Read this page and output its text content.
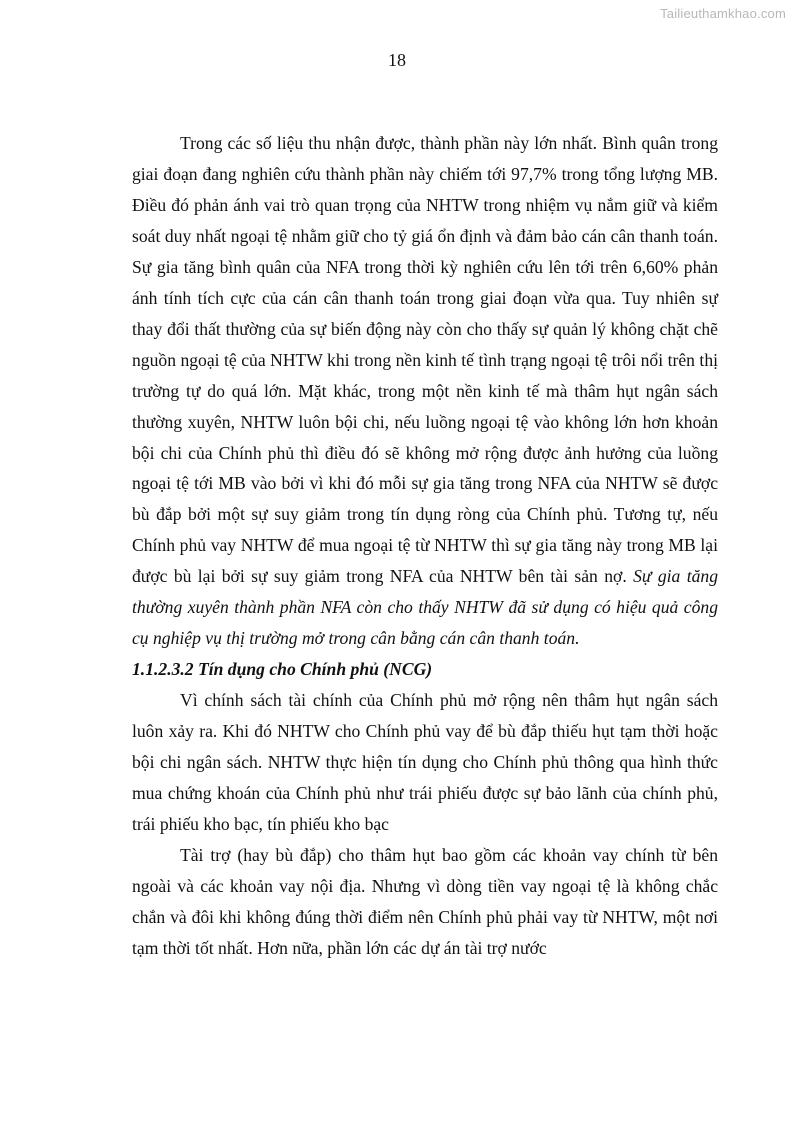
Tailieuthamkhao.com
18

Trong các số liệu thu nhận được, thành phần này lớn nhất. Bình quân trong giai đoạn đang nghiên cứu thành phần này chiếm tới 97,7% trong tổng lượng MB. Điều đó phản ánh vai trò quan trọng của NHTW trong nhiệm vụ nắm giữ và kiểm soát duy nhất ngoại tệ nhằm giữ cho tỷ giá ổn định và đảm bảo cán cân thanh toán. Sự gia tăng bình quân của NFA trong thời kỳ nghiên cứu lên tới trên 6,60% phản ánh tính tích cực của cán cân thanh toán trong giai đoạn vừa qua. Tuy nhiên sự thay đổi thất thường của sự biến động này còn cho thấy sự quản lý không chặt chẽ nguồn ngoại tệ của NHTW khi trong nền kinh tế tình trạng ngoại tệ trôi nổi trên thị trường tự do quá lớn. Mặt khác, trong một nền kinh tế mà thâm hụt ngân sách thường xuyên, NHTW luôn bội chi, nếu luồng ngoại tệ vào không lớn hơn khoản bội chi của Chính phủ thì điều đó sẽ không mở rộng được ảnh hưởng của luồng ngoại tệ tới MB vào bởi vì khi đó mỗi sự gia tăng trong NFA của NHTW sẽ được bù đắp bởi một sự suy giảm trong tín dụng ròng của Chính phủ. Tương tự, nếu Chính phủ vay NHTW để mua ngoại tệ từ NHTW thì sự gia tăng này trong MB lại được bù lại bởi sự suy giảm trong NFA của NHTW bên tài sản nợ. Sự gia tăng thường xuyên thành phần NFA còn cho thấy NHTW đã sử dụng có hiệu quả công cụ nghiệp vụ thị trường mở trong cân bằng cán cân thanh toán.

1.1.2.3.2 Tín dụng cho Chính phủ (NCG)

Vì chính sách tài chính của Chính phủ mở rộng nên thâm hụt ngân sách luôn xảy ra. Khi đó NHTW cho Chính phủ vay để bù đắp thiếu hụt tạm thời hoặc bội chi ngân sách. NHTW thực hiện tín dụng cho Chính phủ thông qua hình thức mua chứng khoán của Chính phủ như trái phiếu được sự bảo lãnh của chính phủ, trái phiếu kho bạc, tín phiếu kho bạc

Tài trợ (hay bù đắp) cho thâm hụt bao gồm các khoản vay chính từ bên ngoài và các khoản vay nội địa. Nhưng vì dòng tiền vay ngoại tệ là không chắc chắn và đôi khi không đúng thời điểm nên Chính phủ phải vay từ NHTW, một nơi tạm thời tốt nhất. Hơn nữa, phần lớn các dự án tài trợ nước
